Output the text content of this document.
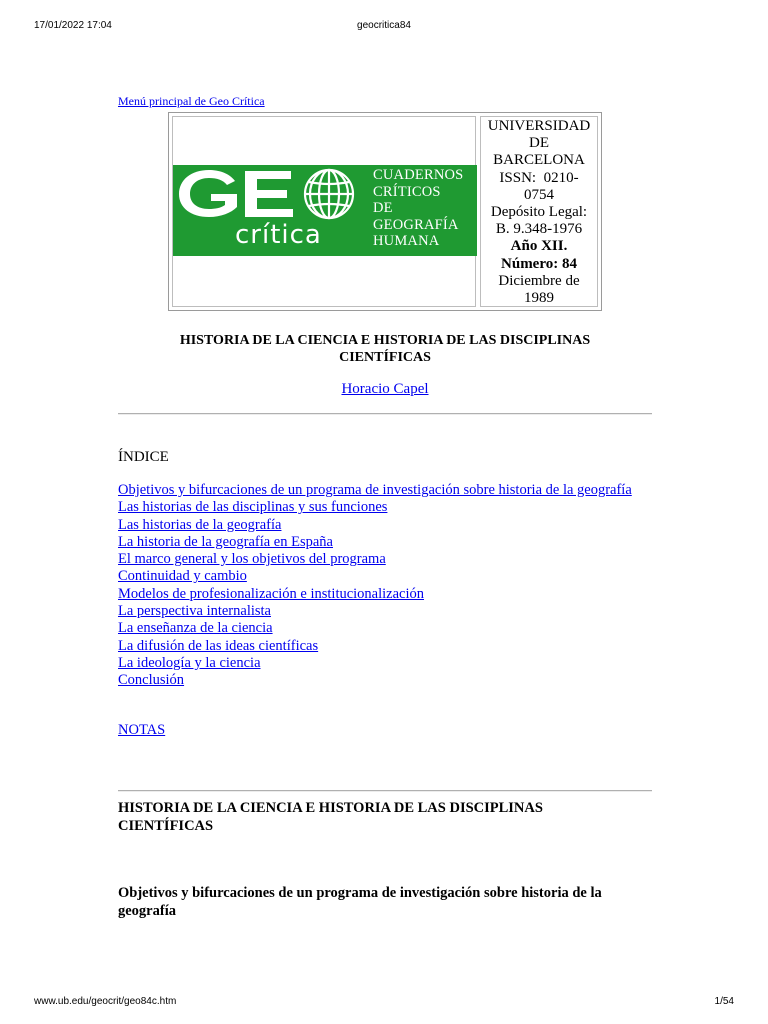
17/01/2022 17:04	geocritica84
Menú principal de Geo Crítica
crítica
CUADERNOS
CRÍTICOS
DE
GEOGRAFÍA
HUMANA
UNIVERSIDAD
DE
BARCELONA
ISSN:  0210-
0754
Depósito Legal:
B. 9.348-1976
Año XII.
Número: 84
Diciembre de
1989
HISTORIA DE LA CIENCIA E HISTORIA DE LAS DISCIPLINAS
CIENTÍFICAS
Horacio Capel
ÍNDICE
Objetivos y bifurcaciones de un programa de investigación sobre historia de la geografía
Las historias de las disciplinas y sus funciones
Las historias de la geografía
La historia de la geografía en España
El marco general y los objetivos del programa
Continuidad y cambio
Modelos de profesionalización e institucionalización
La perspectiva internalista
La enseñanza de la ciencia
La difusión de las ideas científicas
La ideología y la ciencia
Conclusión
NOTAS
HISTORIA DE LA CIENCIA E HISTORIA DE LAS DISCIPLINAS
CIENTÍFICAS
Objetivos y bifurcaciones de un programa de investigación sobre historia de la geografía
www.ub.edu/geocrit/geo84c.htm	1/54
